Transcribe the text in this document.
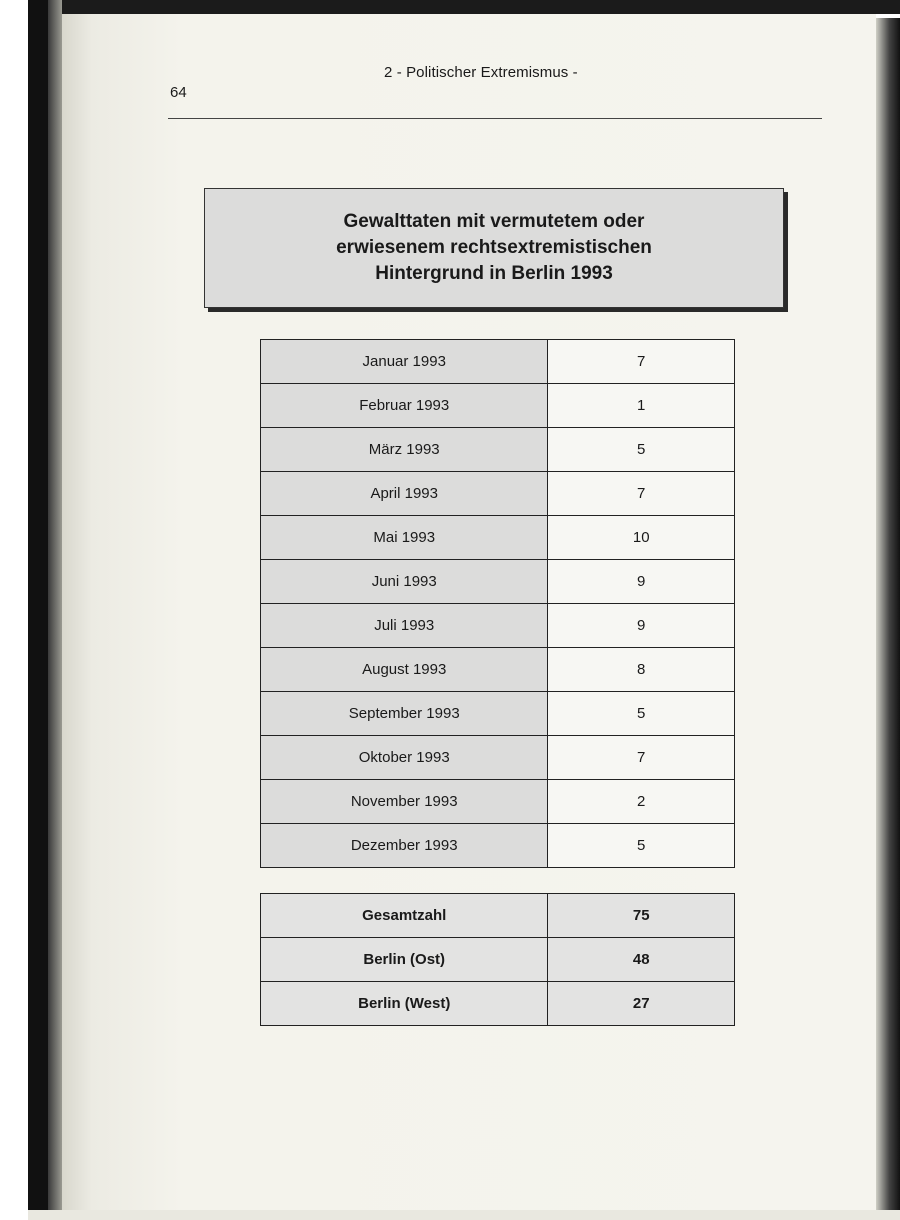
64
2 - Politischer Extremismus -
Gewalttaten mit vermutetem oder erwiesenem rechtsextremistischen Hintergrund in Berlin 1993
Januar 1993	7
Februar 1993	1
März 1993	5
April 1993	7
Mai 1993	10
Juni 1993	9
Juli 1993	9
August 1993	8
September 1993	5
Oktober 1993	7
November 1993	2
Dezember 1993	5
Gesamtzahl	75
Berlin (Ost)	48
Berlin (West)	27
